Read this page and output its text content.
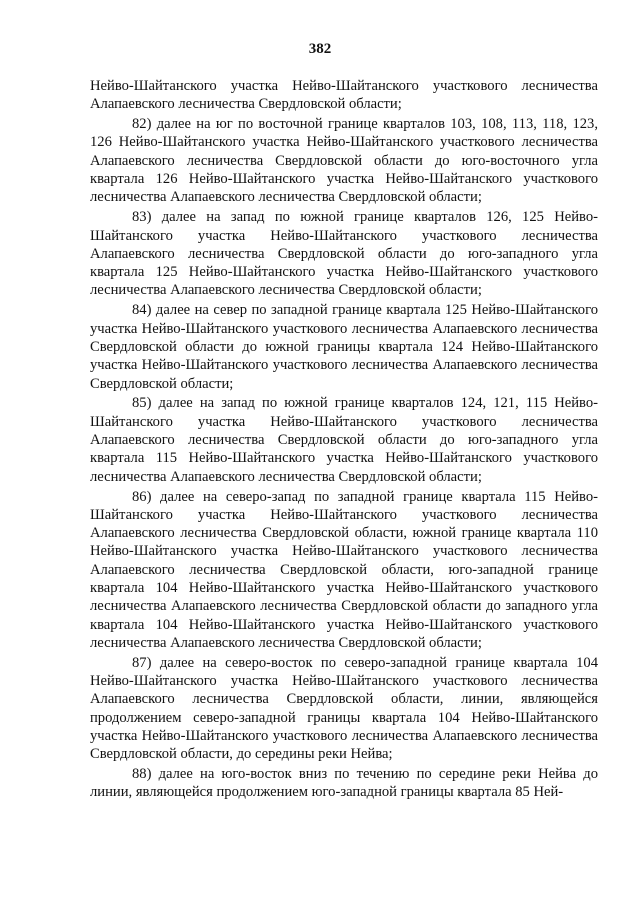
382

Нейво-Шайтанского участка Нейво-Шайтанского участкового лесничества Алапаевского лесничества Свердловской области;

82) далее на юг по восточной границе кварталов 103, 108, 113, 118, 123, 126 Нейво-Шайтанского участка Нейво-Шайтанского участкового лесничества Алапаевского лесничества Свердловской области до юго-восточного угла квартала 126 Нейво-Шайтанского участка Нейво-Шайтанского участкового лесничества Алапаевского лесничества Свердловской области;

83) далее на запад по южной границе кварталов 126, 125 Нейво-Шайтанского участка Нейво-Шайтанского участкового лесничества Алапаевского лесничества Свердловской области до юго-западного угла квартала 125 Нейво-Шайтанского участка Нейво-Шайтанского участкового лесничества Алапаевского лесничества Свердловской области;

84) далее на север по западной границе квартала 125 Нейво-Шайтанского участка Нейво-Шайтанского участкового лесничества Алапаевского лесничества Свердловской области до южной границы квартала 124 Нейво-Шайтанского участка Нейво-Шайтанского участкового лесничества Алапаевского лесничества Свердловской области;

85) далее на запад по южной границе кварталов 124, 121, 115 Нейво-Шайтанского участка Нейво-Шайтанского участкового лесничества Алапаевского лесничества Свердловской области до юго-западного угла квартала 115 Нейво-Шайтанского участка Нейво-Шайтанского участкового лесничества Алапаевского лесничества Свердловской области;

86) далее на северо-запад по западной границе квартала 115 Нейво-Шайтанского участка Нейво-Шайтанского участкового лесничества Алапаевского лесничества Свердловской области, южной границе квартала 110 Нейво-Шайтанского участка Нейво-Шайтанского участкового лесничества Алапаевского лесничества Свердловской области, юго-западной границе квартала 104 Нейво-Шайтанского участка Нейво-Шайтанского участкового лесничества Алапаевского лесничества Свердловской области до западного угла квартала 104 Нейво-Шайтанского участка Нейво-Шайтанского участкового лесничества Алапаевского лесничества Свердловской области;

87) далее на северо-восток по северо-западной границе квартала 104 Нейво-Шайтанского участка Нейво-Шайтанского участкового лесничества Алапаевского лесничества Свердловской области, линии, являющейся продолжением северо-западной границы квартала 104 Нейво-Шайтанского участка Нейво-Шайтанского участкового лесничества Алапаевского лесничества Свердловской области, до середины реки Нейва;

88) далее на юго-восток вниз по течению по середине реки Нейва до линии, являющейся продолжением юго-западной границы квартала 85 Ней-
